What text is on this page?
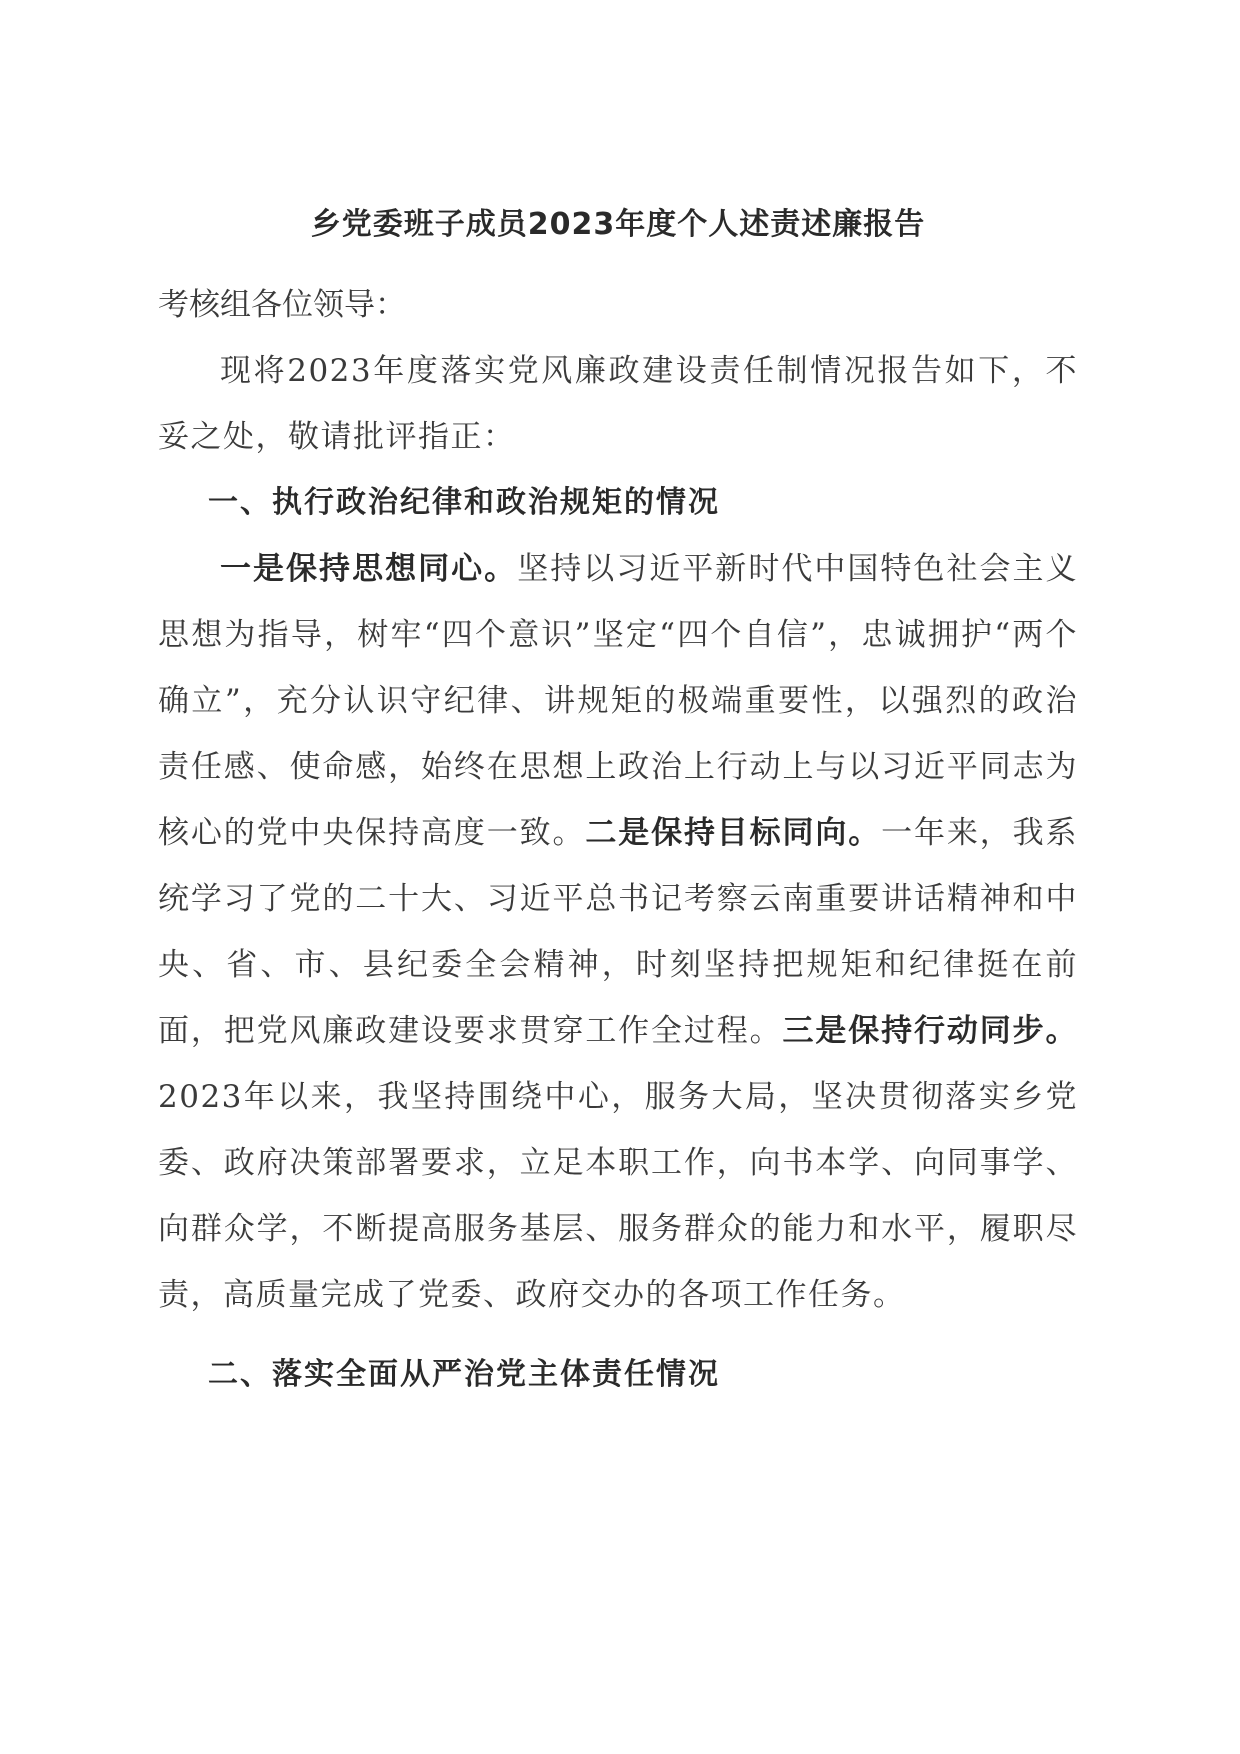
乡党委班子成员2023年度个人述责述廉报告

考核组各位领导：

现将2023年度落实党风廉政建设责任制情况报告如下，不妥之处，敬请批评指正：

一、执行政治纪律和政治规矩的情况

一是保持思想同心。坚持以习近平新时代中国特色社会主义思想为指导，树牢“四个意识”坚定“四个自信”，忠诚拥护“两个确立”，充分认识守纪律、讲规矩的极端重要性，以强烈的政治责任感、使命感，始终在思想上政治上行动上与以习近平同志为核心的党中央保持高度一致。二是保持目标同向。一年来，我系统学习了党的二十大、习近平总书记考察云南重要讲话精神和中央、省、市、县纪委全会精神，时刻坚持把规矩和纪律挺在前面，把党风廉政建设要求贯穿工作全过程。三是保持行动同步。2023年以来，我坚持围绕中心，服务大局，坚决贯彻落实乡党委、政府决策部署要求，立足本职工作，向书本学、向同事学、向群众学，不断提高服务基层、服务群众的能力和水平，履职尽责，高质量完成了党委、政府交办的各项工作任务。

二、落实全面从严治党主体责任情况
